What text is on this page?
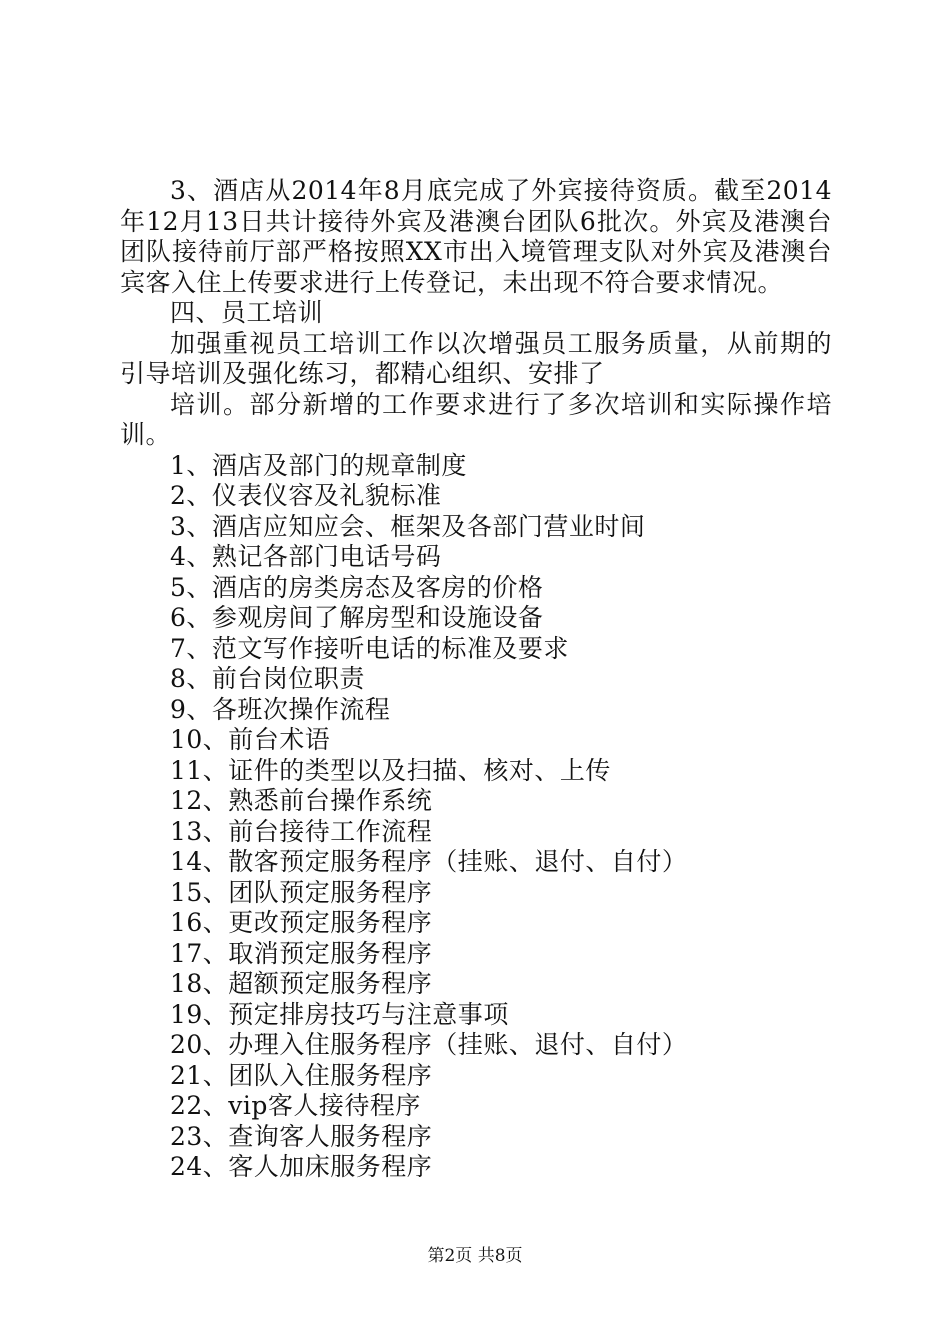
3、酒店从2014年8月底完成了外宾接待资质。截至2014年12月13日共计接待外宾及港澳台团队6批次。外宾及港澳台团队接待前厅部严格按照XX市出入境管理支队对外宾及港澳台宾客入住上传要求进行上传登记，未出现不符合要求情况。

四、员工培训

加强重视员工培训工作以次增强员工服务质量，从前期的引导培训及强化练习，都精心组织、安排了

培训。部分新增的工作要求进行了多次培训和实际操作培训。

1、酒店及部门的规章制度
2、仪表仪容及礼貌标准
3、酒店应知应会、框架及各部门营业时间
4、熟记各部门电话号码
5、酒店的房类房态及客房的价格
6、参观房间了解房型和设施设备
7、范文写作接听电话的标准及要求
8、前台岗位职责
9、各班次操作流程
10、前台术语
11、证件的类型以及扫描、核对、上传
12、熟悉前台操作系统
13、前台接待工作流程
14、散客预定服务程序（挂账、退付、自付）
15、团队预定服务程序
16、更改预定服务程序
17、取消预定服务程序
18、超额预定服务程序
19、预定排房技巧与注意事项
20、办理入住服务程序（挂账、退付、自付）
21、团队入住服务程序
22、vip客人接待程序
23、查询客人服务程序
24、客人加床服务程序
第2页 共8页
